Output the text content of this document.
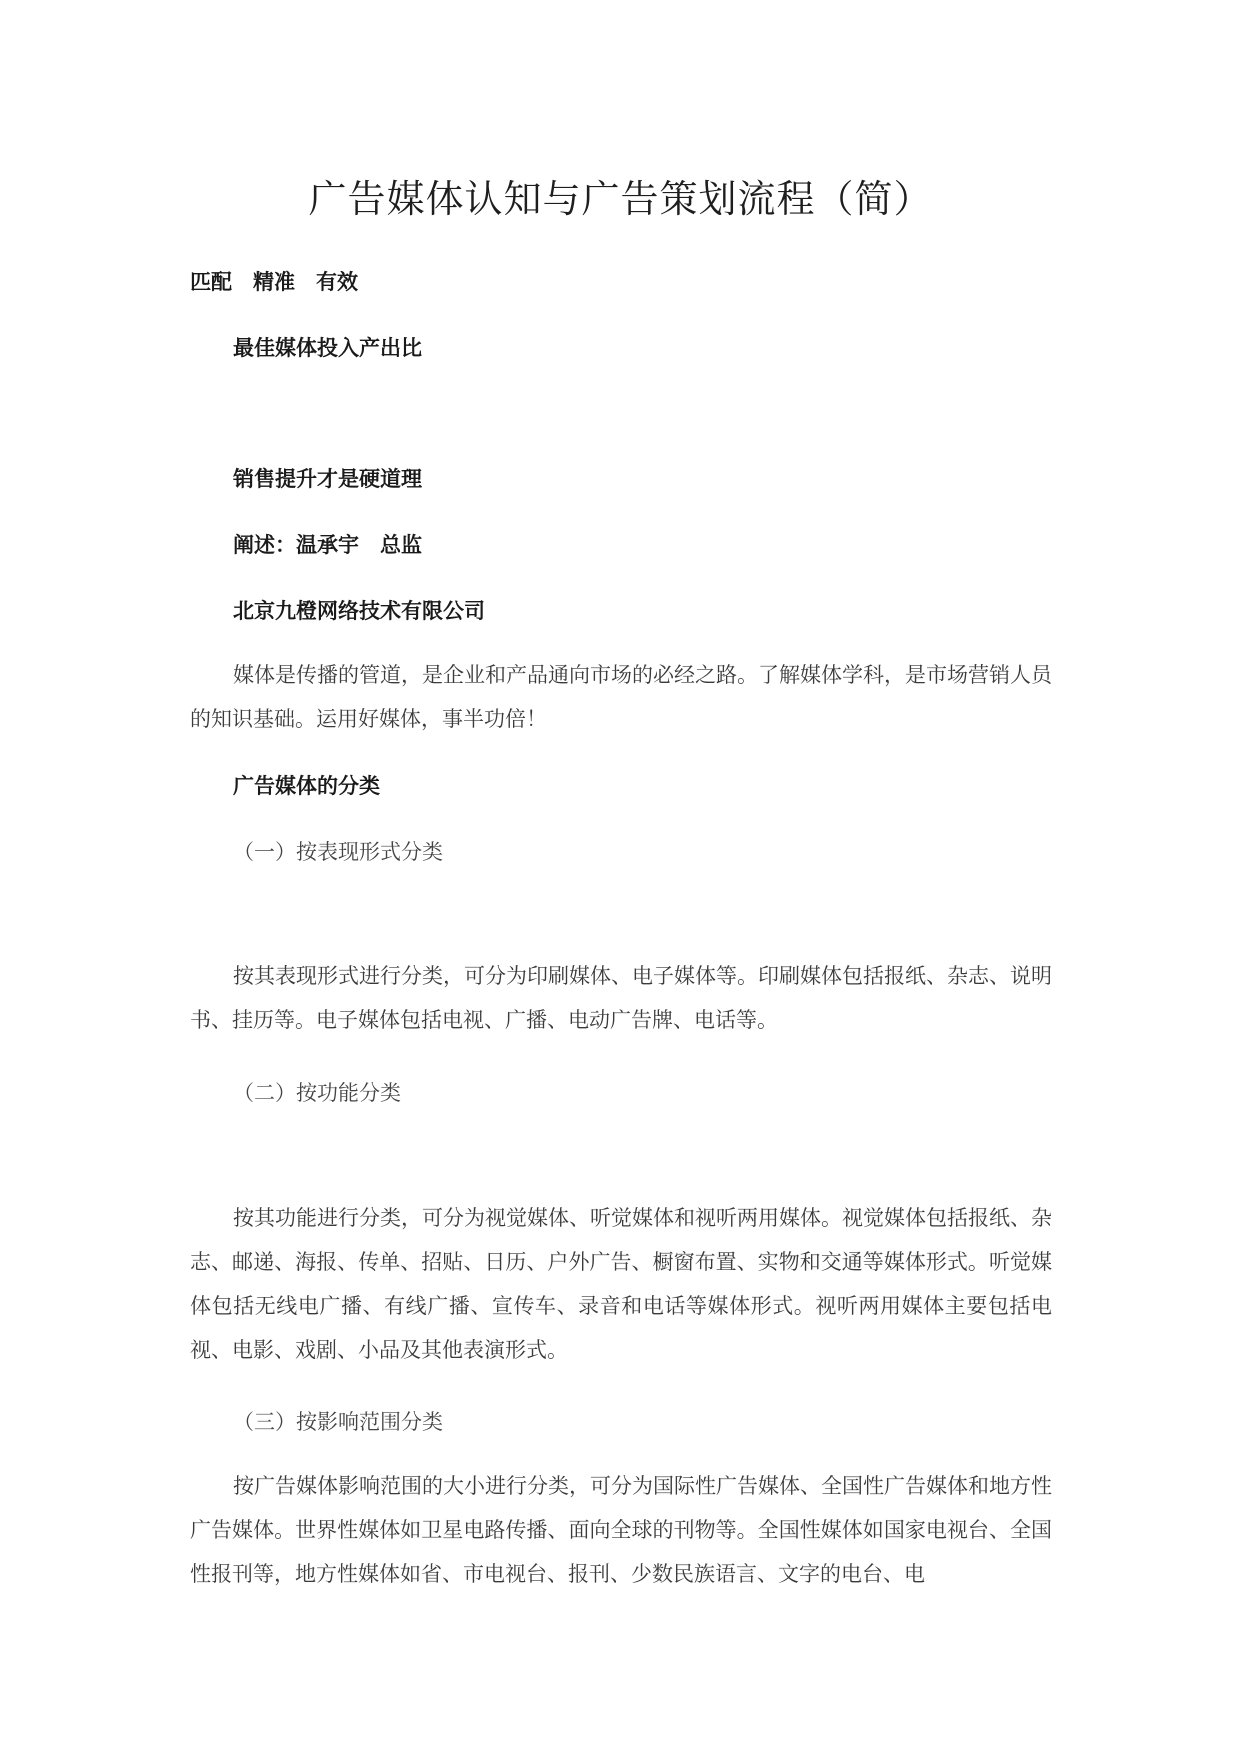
广告媒体认知与广告策划流程（简）
匹配　精准　有效
最佳媒体投入产出比
销售提升才是硬道理
阐述：温承宇　总监
北京九橙网络技术有限公司
媒体是传播的管道，是企业和产品通向市场的必经之路。了解媒体学科，是市场营销人员的知识基础。运用好媒体，事半功倍！
广告媒体的分类
（一）按表现形式分类
按其表现形式进行分类，可分为印刷媒体、电子媒体等。印刷媒体包括报纸、杂志、说明书、挂历等。电子媒体包括电视、广播、电动广告牌、电话等。
（二）按功能分类
按其功能进行分类，可分为视觉媒体、听觉媒体和视听两用媒体。视觉媒体包括报纸、杂志、邮递、海报、传单、招贴、日历、户外广告、橱窗布置、实物和交通等媒体形式。听觉媒体包括无线电广播、有线广播、宣传车、录音和电话等媒体形式。视听两用媒体主要包括电视、电影、戏剧、小品及其他表演形式。
（三）按影响范围分类
按广告媒体影响范围的大小进行分类，可分为国际性广告媒体、全国性广告媒体和地方性广告媒体。世界性媒体如卫星电路传播、面向全球的刊物等。全国性媒体如国家电视台、全国性报刊等，地方性媒体如省、市电视台、报刊、少数民族语言、文字的电台、电
